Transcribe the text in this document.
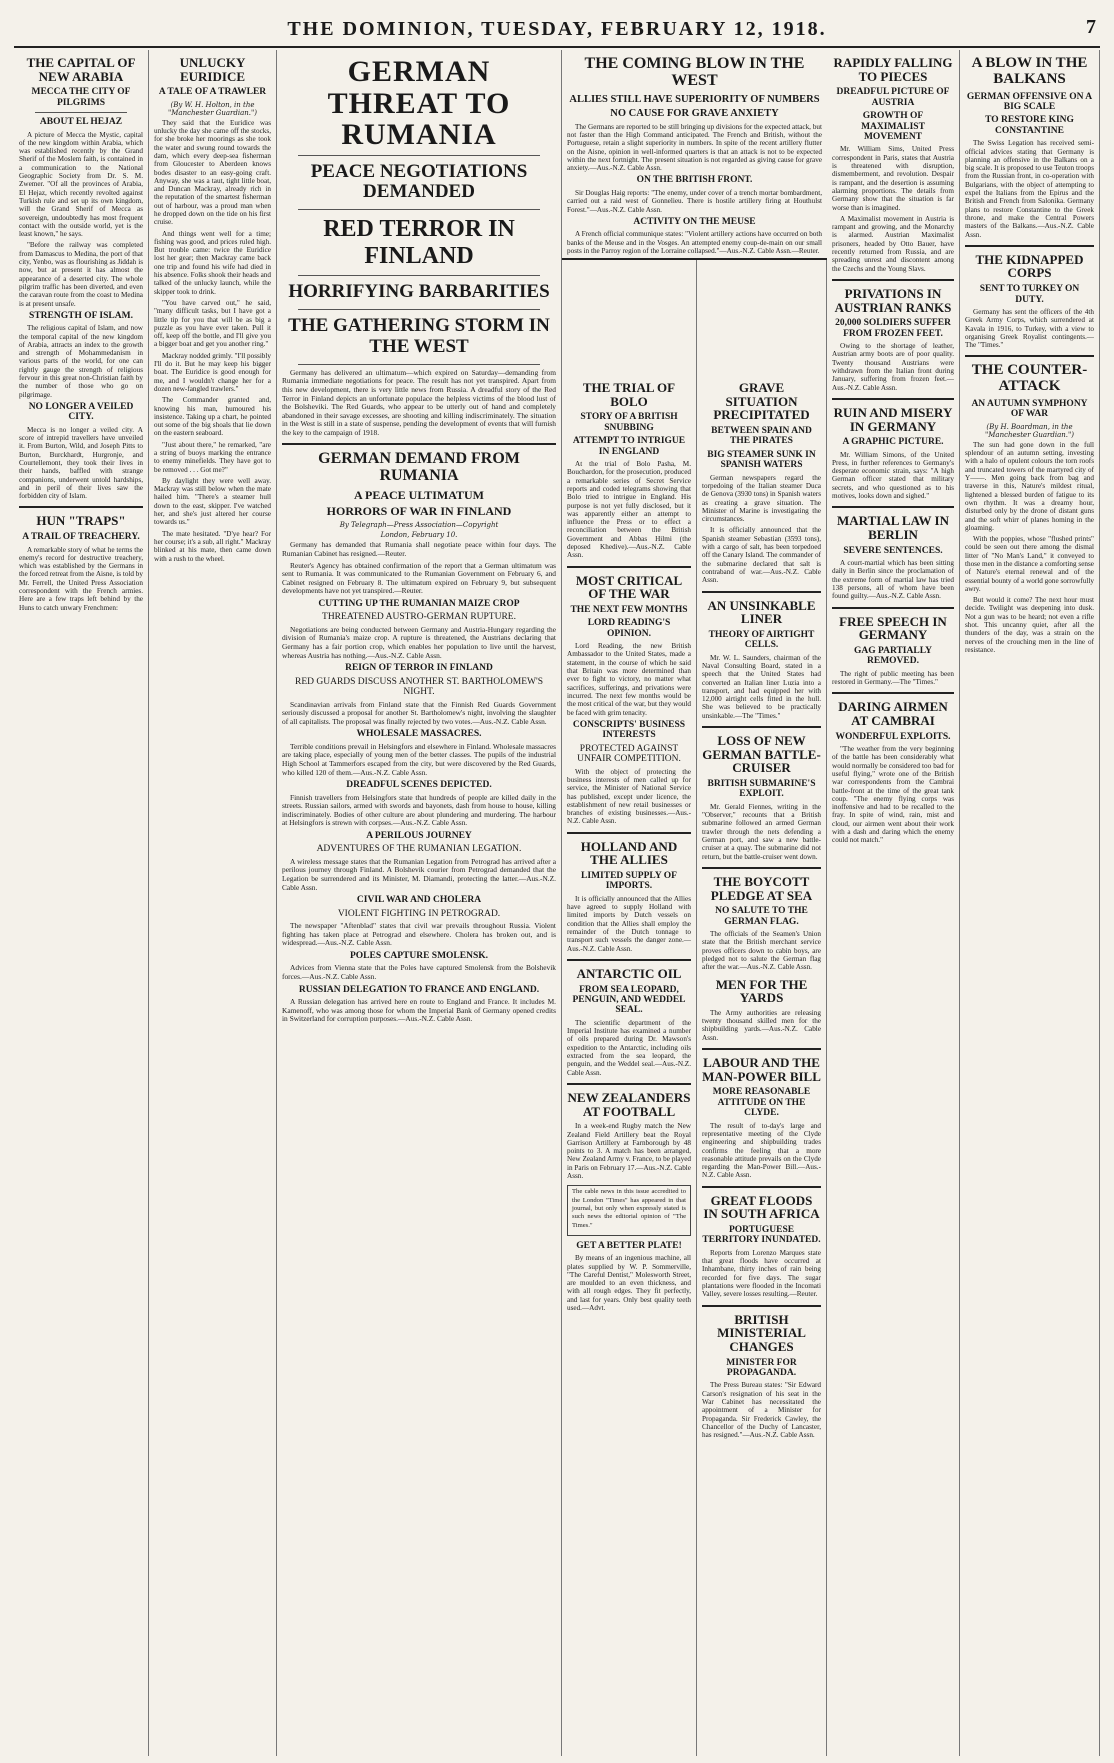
THE DOMINION, TUESDAY, FEBRUARY 12, 1918.	7
THE CAPITAL OF NEW ARABIA
MECCA THE CITY OF PILGRIMS
ABOUT EL HEJAZ

A picture of Mecca the Mystic, capital of the new kingdom within Arabia, which was established recently by the Grand Sherif of the Moslem faith, is contained in a communication to the National Geographic Society from Dr. S. M. Zwemer. "Of all the provinces of Arabia, El Hejaz, which recently revolted against Turkish rule and set up its own kingdom, will the Grand Sherif of Mecca as sovereign, undoubtedly has most frequent contact with the outside world, yet is the least known," he says.

"Before the railway was completed from Damascus to Medina, the port of that city, Yenbo, was as flourishing as Jiddah is now, but at present it has almost the appearance of a deserted city. The whole pilgrim traffic has been diverted, and even the caravan route from the coast to Medina is at present unsafe.

STRENGTH OF ISLAM.

The religious capital of Islam, and now the temporal capital of the new kingdom of Arabia, attracts an index to the growth and strength of Mohammedanism in various parts of the world, for one can rightly gauge the strength of religious fervour in this great non-Christian faith by the number of those who go on pilgrimage.

NO LONGER A VEILED CITY.

Mecca is no longer a veiled city. A score of intrepid travellers have unveiled it. From Burton, Wild, and Joseph Pitts to Burton, Burckhardt, Hurgronje, and Courtellemont, they took their lives in their hands, baffled with strange companions, underwent untold hardships, and in peril of their lives saw the forbidden city of Islam.

HUN "TRAPS"
A TRAIL OF TREACHERY.

A remarkable story of what he terms the enemy's record for destructive treachery, which was established by the Germans in the forced retreat from the Aisne, is told by Mr. Ferrell, the United Press Association correspondent with the French armies. Here are a few traps left behind by the Huns to catch unwary Frenchmen:

UNLUCKY EURIDICE
A TALE OF A TRAWLER
(By W. H. Holton, in the "Manchester Guardian.")

They said that the Euridice was unlucky the day she came off the stocks, for she broke her moorings as she took the water and swung round towards the dam, which every deep-sea fisherman from Gloucester to Aberdeen knows bodes disaster to an easy-going craft. Anyway, she was a taut, tight little boat, and Duncan Mackray, already rich in the reputation of the smartest fisherman out of harbour, was a proud man when he dropped down on the tide on his first cruise.

And things went well for a time; fishing was good, and prices ruled high. But trouble came: twice the Euridice lost her gear; then Mackray came back one trip and found his wife had died in his absence. Folks shook their heads and talked of the unlucky launch, while the skipper took to drink.

"You have carved out," he said, "many difficult tasks, but I have got a little tip for you that will be as big a puzzle as you have ever taken. Pull it off, keep off the bottle, and I'll give you a bigger boat and get you another ring."

Mackray nodded grimly. "I'll possibly I'll do it. But he may keep his bigger boat. The Euridice is good enough for me, and I wouldn't change her for a dozen new-fangled trawlers."

The Commander granted and, knowing his man, humoured his insistence. Taking up a chart, he pointed out some of the big shoals that lie down on the eastern seaboard.

"Just about there," he remarked, "are a string of buoys marking the entrance to enemy minefields. They have got to be removed . . . Got me?"

By daylight they were well away. Mackray was still below when the mate hailed him. "There's a steamer hull down to the east, skipper. I've watched her, and she's just altered her course towards us."

The mate hesitated. "D'ye hear? For her course; it's a sub, all right." Mackray blinked at his mate, then came down with a rush to the wheel.

GERMAN THREAT TO RUMANIA
PEACE NEGOTIATIONS DEMANDED
RED TERROR IN FINLAND
HORRIFYING BARBARITIES
THE GATHERING STORM IN THE WEST

Germany has delivered an ultimatum—which expired on Saturday—demanding from Rumania immediate negotiations for peace. The result has not yet transpired. Apart from this new development, there is very little news from Russia. A dreadful story of the Red Terror in Finland depicts an unfortunate populace the helpless victims of the blood lust of the Bolsheviki. The Red Guards, who appear to be utterly out of hand and completely abandoned in their savage excesses, are shooting and killing indiscriminately. The situation in the West is still in a state of suspense, pending the development of events that will furnish the key to the campaign of 1918.

GERMAN DEMAND FROM RUMANIA
A PEACE ULTIMATUM
HORRORS OF WAR IN FINLAND
By Telegraph—Press Association—Copyright
London, February 10.

Germany has demanded that Rumania shall negotiate peace within four days. The Rumanian Cabinet has resigned.—Reuter.

Reuter's Agency has obtained confirmation of the report that a German ultimatum was sent to Rumania. It was communicated to the Rumanian Government on February 6, and Cabinet resigned on February 8. The ultimatum expired on February 9, but subsequent developments have not yet transpired.—Reuter.

CUTTING UP THE RUMANIAN MAIZE CROP
THREATENED AUSTRO-GERMAN RUPTURE.

Negotiations are being conducted between Germany and Austria-Hungary regarding the division of Rumania's maize crop. A rupture is threatened, the Austrians declaring that Germany has a fair portion crop, which enables her population to live until the harvest, whereas Austria has nothing.—Aus.-N.Z. Cable Assn.

REIGN OF TERROR IN FINLAND
RED GUARDS DISCUSS ANOTHER ST. BARTHOLOMEW'S NIGHT.

Scandinavian arrivals from Finland state that the Finnish Red Guards Government seriously discussed a proposal for another St. Bartholomew's night, involving the slaughter of all capitalists. The proposal was finally rejected by two votes.—Aus.-N.Z. Cable Assn.

WHOLESALE MASSACRES.

Terrible conditions prevail in Helsingfors and elsewhere in Finland. Wholesale massacres are taking place, especially of young men of the better classes. The pupils of the industrial High School at Tammerfors escaped from the city, but were discovered by the Red Guards, who killed 120 of them.—Aus.-N.Z. Cable Assn.

DREADFUL SCENES DEPICTED.

Finnish travellers from Helsingfors state that hundreds of people are killed daily in the streets. Russian sailors, armed with swords and bayonets, dash from house to house, killing indiscriminately. Bodies of other culture are about plundering and murdering. The harbour at Helsingfors is strewn with corpses.—Aus.-N.Z. Cable Assn.

A PERILOUS JOURNEY
ADVENTURES OF THE RUMANIAN LEGATION.

A wireless message states that the Rumanian Legation from Petrograd has arrived after a perilous journey through Finland. A Bolshevik courier from Petrograd demanded that the Legation be surrendered and its Minister, M. Diamandi, protecting the latter.—Aus.-N.Z. Cable Assn.

CIVIL WAR AND CHOLERA
VIOLENT FIGHTING IN PETROGRAD.

The newspaper "Aftenblad" states that civil war prevails throughout Russia. Violent fighting has taken place at Petrograd and elsewhere. Cholera has broken out, and is widespread.—Aus.-N.Z. Cable Assn.

POLES CAPTURE SMOLENSK.

Advices from Vienna state that the Poles have captured Smolensk from the Bolshevik forces.—Aus.-N.Z. Cable Assn.

RUSSIAN DELEGATION TO FRANCE AND ENGLAND.

A Russian delegation has arrived here en route to England and France. It includes M. Kamenoff, who was among those for whom the Imperial Bank of Germany opened credits in Switzerland for corruption purposes.—Aus.-N.Z. Cable Assn.

THE COMING BLOW IN THE WEST
ALLIES STILL HAVE SUPERIORITY OF NUMBERS
NO CAUSE FOR GRAVE ANXIETY

The Germans are reported to be still bringing up divisions for the expected attack, but not faster than the High Command anticipated. The French and British, without the Portuguese, retain a slight superiority in numbers. In spite of the recent artillery flutter on the Aisne, opinion in well-informed quarters is that an attack is not to be expected within the next fortnight. The present situation is not regarded as giving cause for grave anxiety.—Aus.-N.Z. Cable Assn.

ON THE BRITISH FRONT.

Sir Douglas Haig reports: "The enemy, under cover of a trench mortar bombardment, carried out a raid west of Gonnelieu. There is hostile artillery firing at Houthulst Forest."—Aus.-N.Z. Cable Assn.

ACTIVITY ON THE MEUSE

A French official communique states: "Violent artillery actions have occurred on both banks of the Meuse and in the Vosges. An attempted enemy coup-de-main on our small posts in the Parroy region of the Lorraine collapsed."—Aus.-N.Z. Cable Assn.—Reuter.

THE TRIAL OF BOLO
STORY OF A BRITISH SNUBBING
ATTEMPT TO INTRIGUE IN ENGLAND

At the trial of Bolo Pasha, M. Bouchardon, for the prosecution, produced a remarkable series of Secret Service reports and coded telegrams showing that Bolo tried to intrigue in England. His purpose is not yet fully disclosed, but it was apparently either an attempt to influence the Press or to effect a reconciliation between the British Government and Abbas Hilmi (the deposed Khedive).—Aus.-N.Z. Cable Assn.

MOST CRITICAL OF THE WAR
THE NEXT FEW MONTHS
LORD READING'S OPINION.

Lord Reading, the new British Ambassador to the United States, made a statement, in the course of which he said that Britain was more determined than ever to fight to victory, no matter what sacrifices, sufferings, and privations were incurred. The next few months would be the most critical of the war, but they would be faced with grim tenacity.

CONSCRIPTS' BUSINESS INTERESTS
PROTECTED AGAINST UNFAIR COMPETITION.

With the object of protecting the business interests of men called up for service, the Minister of National Service has published, except under licence, the establishment of new retail businesses or branches of existing businesses.—Aus.-N.Z. Cable Assn.

HOLLAND AND THE ALLIES
LIMITED SUPPLY OF IMPORTS.

It is officially announced that the Allies have agreed to supply Holland with limited imports by Dutch vessels on condition that the Allies shall employ the remainder of the Dutch tonnage to transport such vessels the danger zone.—Aus.-N.Z. Cable Assn.

ANTARCTIC OIL
FROM SEA LEOPARD, PENGUIN, AND WEDDEL SEAL.

The scientific department of the Imperial Institute has examined a number of oils prepared during Dr. Mawson's expedition to the Antarctic, including oils extracted from the sea leopard, the penguin, and the Weddel seal.—Aus.-N.Z. Cable Assn.

NEW ZEALANDERS AT FOOTBALL

In a week-end Rugby match the New Zealand Field Artillery beat the Royal Garrison Artillery at Farnborough by 48 points to 3. A match has been arranged, New Zealand Army v. France, to be played in Paris on February 17.—Aus.-N.Z. Cable Assn.

The cable news in this issue accredited to the London "Times" has appeared in that journal, but only when expressly stated is such news the editorial opinion of "The Times."

GET A BETTER PLATE!

By means of an ingenious machine, all plates supplied by W. P. Sommerville, "The Careful Dentist," Molesworth Street, are moulded to an even thickness, and with all rough edges. They fit perfectly, and last for years. Only best quality teeth used.—Advt.

GRAVE SITUATION PRECIPITATED
BETWEEN SPAIN AND THE PIRATES
BIG STEAMER SUNK IN SPANISH WATERS

German newspapers regard the torpedoing of the Italian steamer Duca de Genova (3930 tons) in Spanish waters as creating a grave situation. The Minister of Marine is investigating the circumstances.

It is officially announced that the Spanish steamer Sebastian (3593 tons), with a cargo of salt, has been torpedoed off the Canary Island. The commander of the submarine declared that salt is contraband of war.—Aus.-N.Z. Cable Assn.

AN UNSINKABLE LINER
THEORY OF AIRTIGHT CELLS.

Mr. W. L. Saunders, chairman of the Naval Consulting Board, stated in a speech that the United States had converted an Italian liner Luzia into a transport, and had equipped her with 12,000 airtight cells fitted in the hull. She was believed to be practically unsinkable.—The "Times."

LOSS OF NEW GERMAN BATTLE-CRUISER
BRITISH SUBMARINE'S EXPLOIT.

Mr. Gerald Fiennes, writing in the "Observer," recounts that a British submarine followed an armed German trawler through the nets defending a German port, and saw a new battle-cruiser at a quay. The submarine did not return, but the battle-cruiser went down.

THE BOYCOTT PLEDGE AT SEA
NO SALUTE TO THE GERMAN FLAG.

The officials of the Seamen's Union state that the British merchant service proves officers down to cabin boys, are pledged not to salute the German flag after the war.—Aus.-N.Z. Cable Assn.

MEN FOR THE YARDS

The Army authorities are releasing twenty thousand skilled men for the shipbuilding yards.—Aus.-N.Z. Cable Assn.

LABOUR AND THE MAN-POWER BILL
MORE REASONABLE ATTITUDE ON THE CLYDE.

The result of to-day's large and representative meeting of the Clyde engineering and shipbuilding trades confirms the feeling that a more reasonable attitude prevails on the Clyde regarding the Man-Power Bill.—Aus.-N.Z. Cable Assn.

GREAT FLOODS IN SOUTH AFRICA
PORTUGUESE TERRITORY INUNDATED.

Reports from Lorenzo Marques state that great floods have occurred at Inhambane, thirty inches of rain being recorded for five days. The sugar plantations were flooded in the Incomati Valley, severe losses resulting.—Reuter.

BRITISH MINISTERIAL CHANGES
MINISTER FOR PROPAGANDA.

The Press Bureau states: "Sir Edward Carson's resignation of his seat in the War Cabinet has necessitated the appointment of a Minister for Propaganda. Sir Frederick Cawley, the Chancellor of the Duchy of Lancaster, has resigned."—Aus.-N.Z. Cable Assn.

RAPIDLY FALLING TO PIECES
DREADFUL PICTURE OF AUSTRIA
GROWTH OF MAXIMALIST MOVEMENT

Mr. William Sims, United Press correspondent in Paris, states that Austria is threatened with disruption, dismemberment, and revolution. Despair is rampant, and the desertion is assuming alarming proportions. The details from Germany show that the situation is far worse than is imagined.

A Maximalist movement in Austria is rampant and growing, and the Monarchy is alarmed. Austrian Maximalist prisoners, headed by Otto Bauer, have recently returned from Russia, and are spreading unrest and discontent among the Czechs and the Young Slavs.

PRIVATIONS IN AUSTRIAN RANKS
20,000 SOLDIERS SUFFER FROM FROZEN FEET.

Owing to the shortage of leather, Austrian army boots are of poor quality. Twenty thousand Austrians were withdrawn from the Italian front during January, suffering from frozen feet.—Aus.-N.Z. Cable Assn.

RUIN AND MISERY IN GERMANY
A GRAPHIC PICTURE.

Mr. William Simons, of the United Press, in further references to Germany's desperate economic strain, says: "A high German officer stated that military secrets, and who questioned as to his motives, looks down and sighed."

MARTIAL LAW IN BERLIN
SEVERE SENTENCES.

A court-martial which has been sitting daily in Berlin since the proclamation of the extreme form of martial law has tried 138 persons, all of whom have been found guilty.—Aus.-N.Z. Cable Assn.

FREE SPEECH IN GERMANY
GAG PARTIALLY REMOVED.

The right of public meeting has been restored in Germany.—The "Times."

DARING AIRMEN AT CAMBRAI
WONDERFUL EXPLOITS.

"The weather from the very beginning of the battle has been considerably what would normally be considered too bad for useful flying," wrote one of the British war correspondents from the Cambrai battle-front at the time of the great tank coup. "The enemy flying corps was inoffensive and had to be recalled to the fray. In spite of wind, rain, mist and cloud, our airmen went about their work with a dash and daring which the enemy could not match."

A BLOW IN THE BALKANS
GERMAN OFFENSIVE ON A BIG SCALE
TO RESTORE KING CONSTANTINE

The Swiss Legation has received semi-official advices stating that Germany is planning an offensive in the Balkans on a big scale. It is proposed to use Teuton troops from the Russian front, in co-operation with Bulgarians, with the object of attempting to expel the Italians from the Epirus and the British and French from Salonika. Germany plans to restore Constantine to the Greek throne, and make the Central Powers masters of the Balkans.—Aus.-N.Z. Cable Assn.

THE KIDNAPPED CORPS
SENT TO TURKEY ON DUTY.

Germany has sent the officers of the 4th Greek Army Corps, which surrendered at Kavala in 1916, to Turkey, with a view to organising Greek Royalist contingents.—The "Times."

THE COUNTER-ATTACK
AN AUTUMN SYMPHONY OF WAR
(By H. Boardman, in the "Manchester Guardian.")

The sun had gone down in the full splendour of an autumn setting, investing with a halo of opulent colours the torn roofs and truncated towers of the martyred city of Y——. Men going back from bag and traverse in this, Nature's mildest ritual, lightened a blessed burden of fatigue to its own rhythm. It was a dreamy hour, disturbed only by the drone of distant guns and the soft whirr of planes homing in the gloaming.

With the poppies, whose "flushed prints" could be seen out there among the dismal litter of "No Man's Land," it conveyed to those men in the distance a comforting sense of Nature's eternal renewal and of the essential bounty of a world gone sorrowfully awry.

But would it come? The next hour must decide. Twilight was deepening into dusk. Not a gun was to be heard; not even a rifle shot. This uncanny quiet, after all the thunders of the day, was a strain on the nerves of the crouching men in the line of resistance.
